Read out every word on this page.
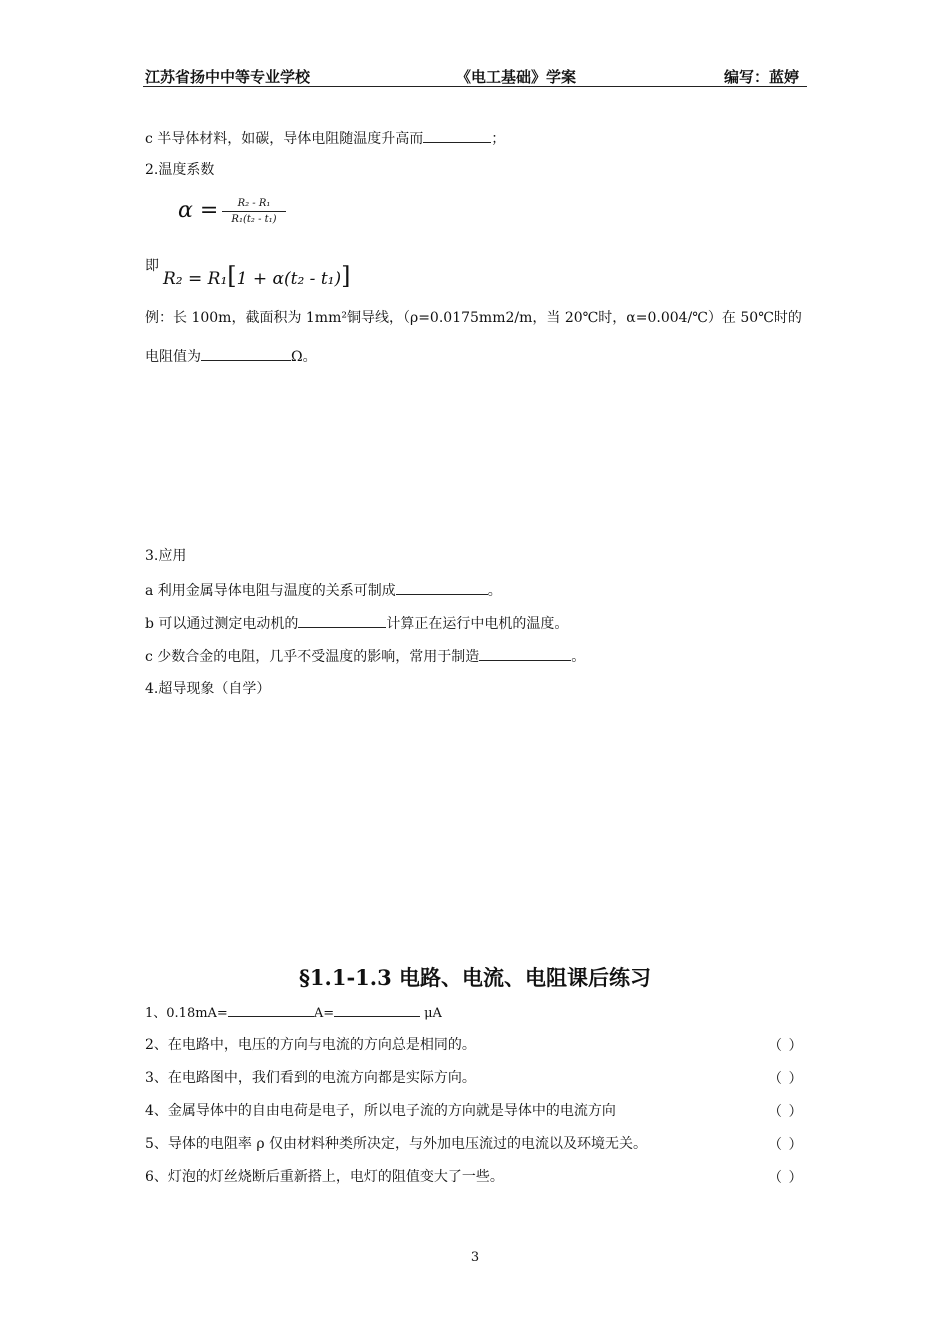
江苏省扬中中等专业学校	《电工基础》学案	编写：蓝婷
c 半导体材料，如碳，导体电阻随温度升高而	；
2.温度系数
α =	R₂ - R₁
R₁(t₂ - t₁)
即
R₂ = R₁[1 + α(t₂ - t₁)]
例：长 100m，截面积为 1mm²铜导线，（ρ=0.0175mm2/m，当 20℃时，α=0.004/℃）在 50℃时的
电阻值为	Ω。
3.应用
a 利用金属导体电阻与温度的关系可制成	。
b 可以通过测定电动机的	计算正在运行中电机的温度。
c 少数合金的电阻，几乎不受温度的影响，常用于制造	。
4.超导现象（自学）
§1.1-1.3 电路、电流、电阻课后练习
1、0.18mA=	A=	μA
2、在电路中，电压的方向与电流的方向总是相同的。	（ ）
3、在电路图中，我们看到的电流方向都是实际方向。	（ ）
4、金属导体中的自由电荷是电子，所以电子流的方向就是导体中的电流方向	（ ）
5、导体的电阻率 ρ 仅由材料种类所决定，与外加电压流过的电流以及环境无关。	（ ）
6、灯泡的灯丝烧断后重新搭上，电灯的阻值变大了一些。	（ ）
3
